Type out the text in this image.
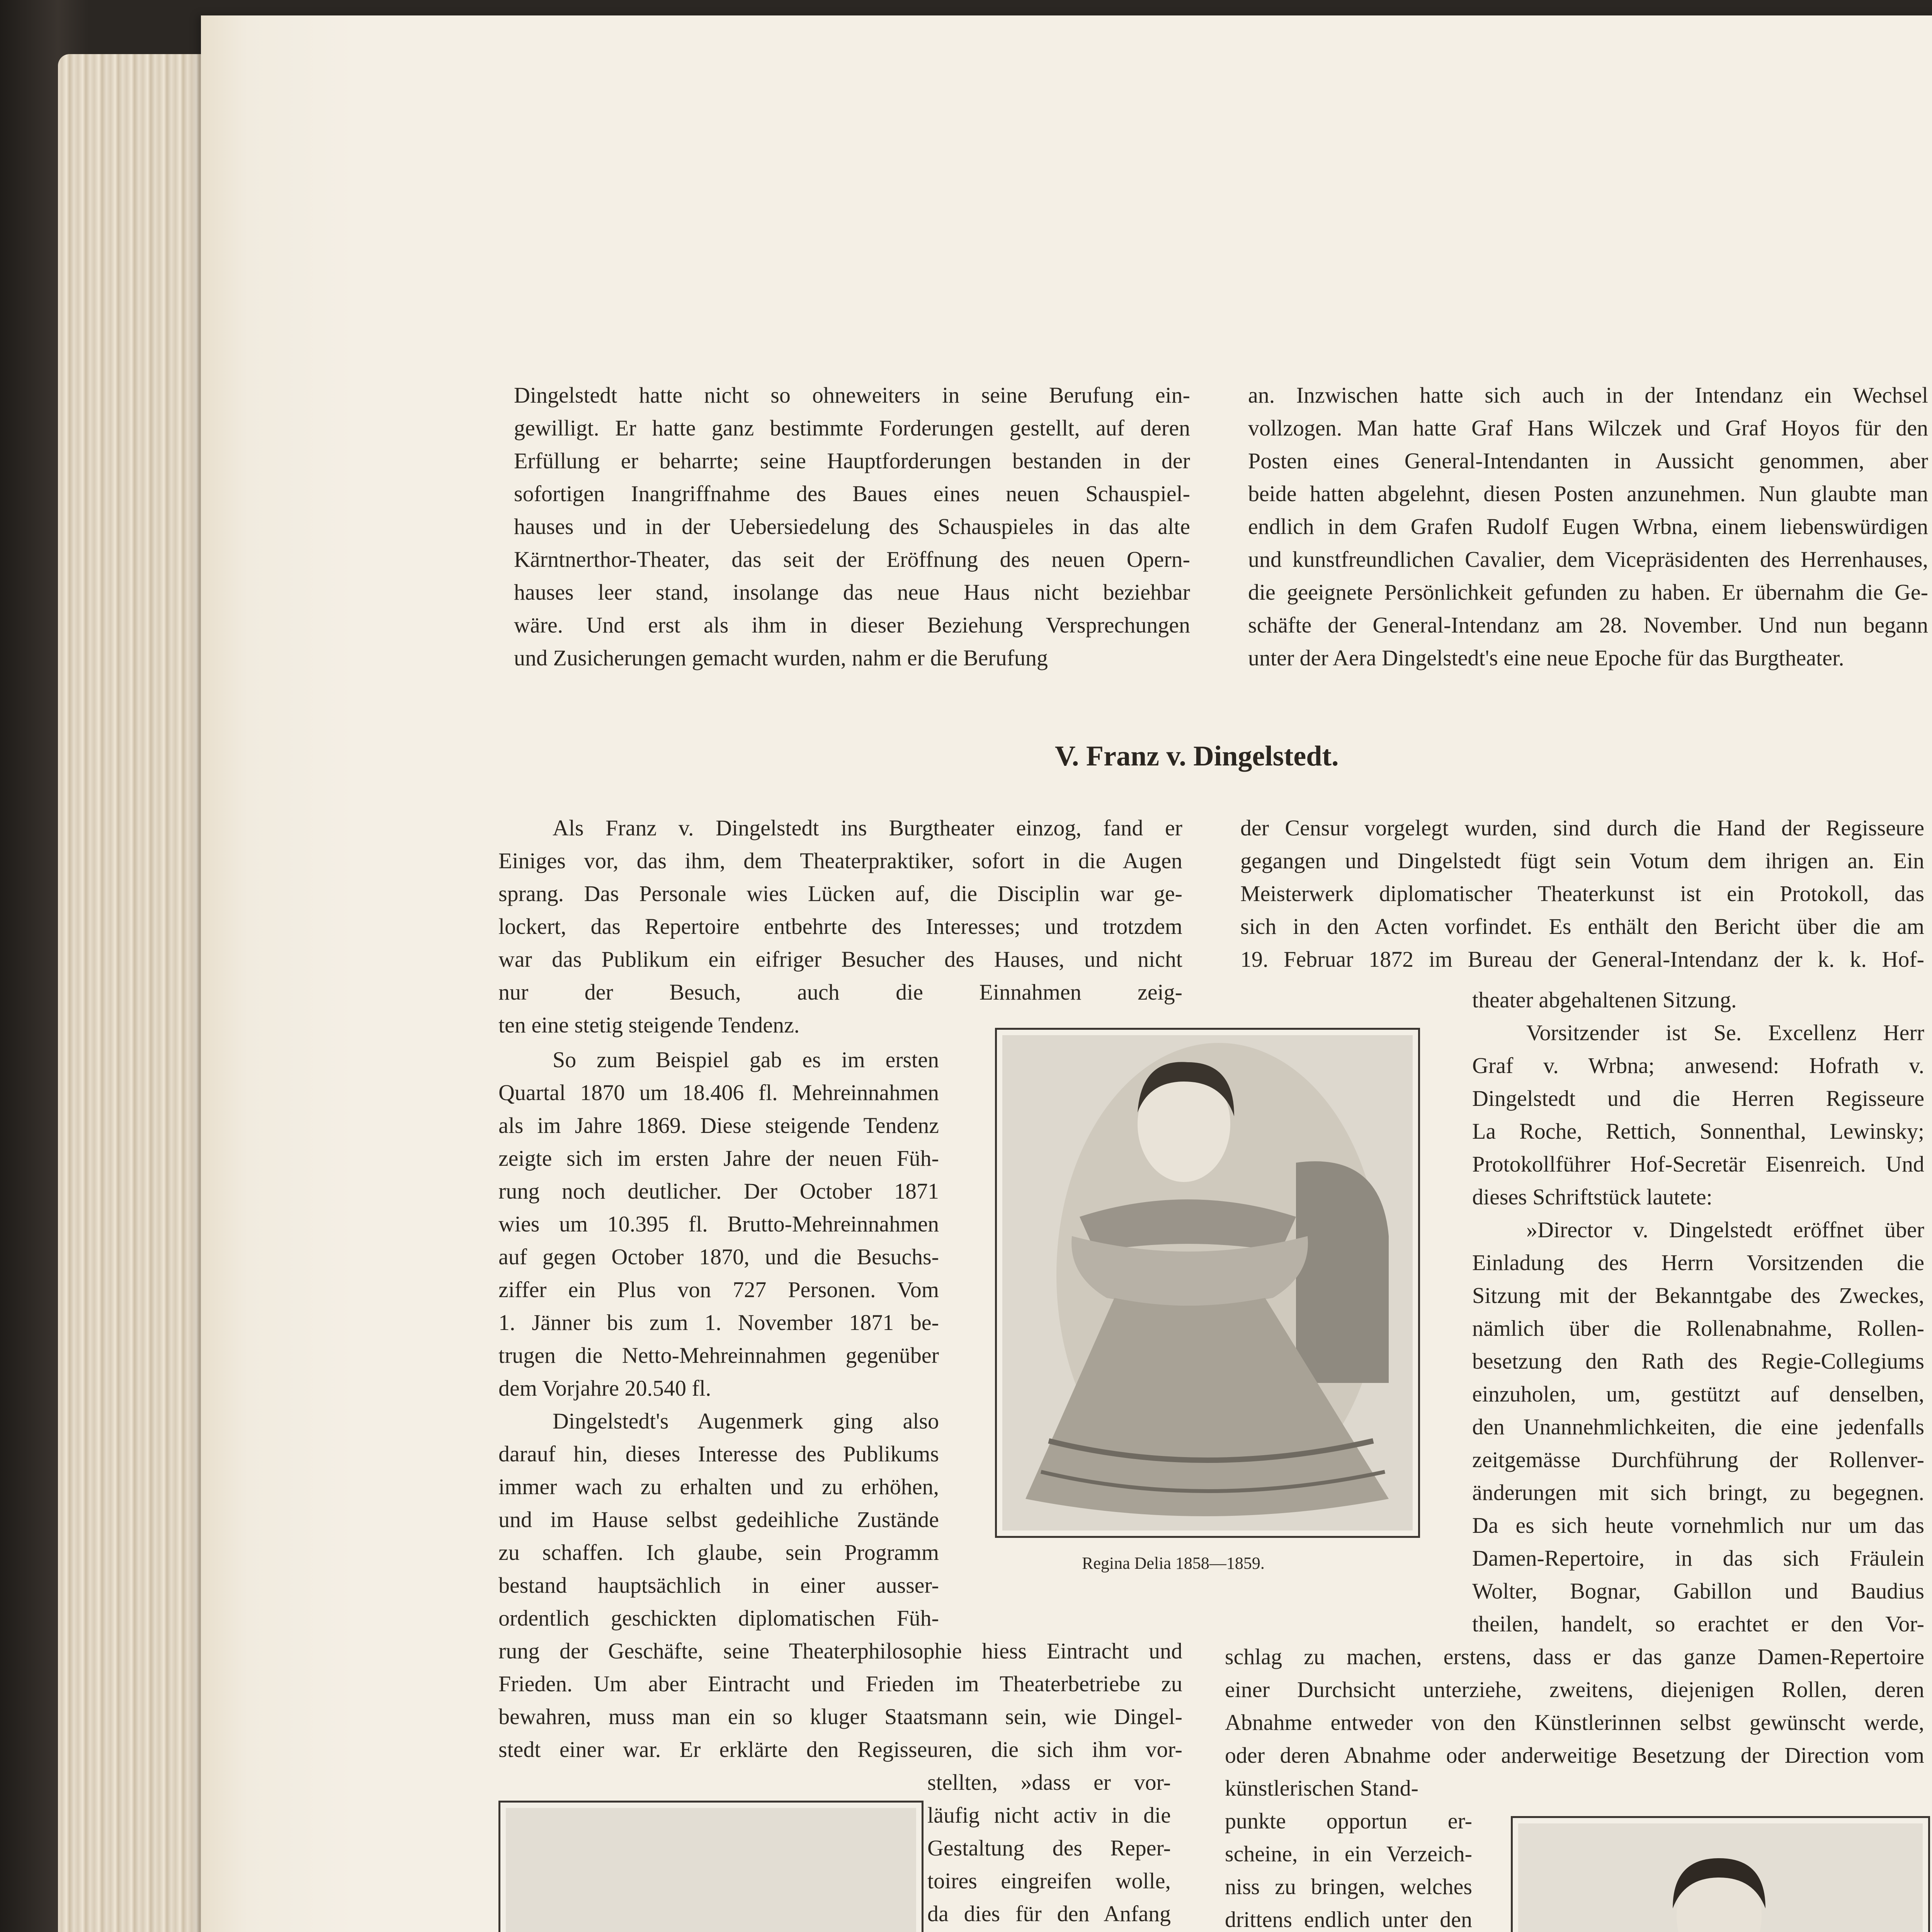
Dingelstedt hatte nicht so ohneweiters in seine Berufung ein-
gewilligt. Er hatte ganz bestimmte Forderungen gestellt, auf deren
Erfüllung er beharrte; seine Hauptforderungen bestanden in der
sofortigen Inangriffnahme des Baues eines neuen Schauspiel-
hauses und in der Uebersiedelung des Schauspieles in das alte
Kärntnerthor-Theater, das seit der Eröffnung des neuen Opern-
hauses leer stand, insolange das neue Haus nicht beziehbar
wäre. Und erst als ihm in dieser Beziehung Versprechungen
und Zusicherungen gemacht wurden, nahm er die Berufung
an. Inzwischen hatte sich auch in der Intendanz ein Wechsel
vollzogen. Man hatte Graf Hans Wilczek und Graf Hoyos für den
Posten eines General-Intendanten in Aussicht genommen, aber
beide hatten abgelehnt, diesen Posten anzunehmen. Nun glaubte man
endlich in dem Grafen Rudolf Eugen Wrbna, einem liebenswürdigen
und kunstfreundlichen Cavalier, dem Vicepräsidenten des Herrenhauses,
die geeignete Persönlichkeit gefunden zu haben. Er übernahm die Ge-
schäfte der General-Intendanz am 28. November. Und nun begann
unter der Aera Dingelstedt's eine neue Epoche für das Burgtheater.
V. Franz v. Dingelstedt.
Als Franz v. Dingelstedt ins Burgtheater einzog, fand er
Einiges vor, das ihm, dem Theaterpraktiker, sofort in die Augen
sprang. Das Personale wies Lücken auf, die Disciplin war ge-
lockert, das Repertoire entbehrte des Interesses; und trotzdem
war das Publikum ein eifriger Besucher des Hauses, und nicht
nur der Besuch, auch die Einnahmen zeig-
ten eine stetig steigende Tendenz.
So zum Beispiel gab es im ersten
Quartal 1870 um 18.406 fl. Mehreinnahmen
als im Jahre 1869. Diese steigende Tendenz
zeigte sich im ersten Jahre der neuen Füh-
rung noch deutlicher. Der October 1871
wies um 10.395 fl. Brutto-Mehreinnahmen
auf gegen October 1870, und die Besuchs-
ziffer ein Plus von 727 Personen. Vom
1. Jänner bis zum 1. November 1871 be-
trugen die Netto-Mehreinnahmen gegenüber
dem Vorjahre 20.540 fl.
Dingelstedt's Augenmerk ging also
darauf hin, dieses Interesse des Publikums
immer wach zu erhalten und zu erhöhen,
und im Hause selbst gedeihliche Zustände
zu schaffen. Ich glaube, sein Programm
bestand hauptsächlich in einer ausser-
ordentlich geschickten diplomatischen Füh-
rung der Geschäfte, seine Theaterphilosophie hiess Eintracht und
Frieden. Um aber Eintracht und Frieden im Theaterbetriebe zu
bewahren, muss man ein so kluger Staatsmann sein, wie Dingel-
stedt einer war. Er erklärte den Regisseuren, die sich ihm vor-
stellten, »dass er vor-
läufig nicht activ in die
Gestaltung des Reper-
toires eingreifen wolle,
da dies für den Anfang
der Censur vorgelegt wurden, sind durch die Hand der Regisseure
gegangen und Dingelstedt fügt sein Votum dem ihrigen an. Ein
Meisterwerk diplomatischer Theaterkunst ist ein Protokoll, das
sich in den Acten vorfindet. Es enthält den Bericht über die am
19. Februar 1872 im Bureau der General-Intendanz der k. k. Hof-
theater abgehaltenen Sitzung.
Vorsitzender ist Se. Excellenz Herr
Graf v. Wrbna; anwesend: Hofrath v.
Dingelstedt und die Herren Regisseure
La Roche, Rettich, Sonnenthal, Lewinsky;
Protokollführer Hof-Secretär Eisenreich. Und
dieses Schriftstück lautete:
»Director v. Dingelstedt eröffnet über
Einladung des Herrn Vorsitzenden die
Sitzung mit der Bekanntgabe des Zweckes,
nämlich über die Rollenabnahme, Rollen-
besetzung den Rath des Regie-Collegiums
einzuholen, um, gestützt auf denselben,
den Unannehmlichkeiten, die eine jedenfalls
zeitgemässe Durchführung der Rollenver-
änderungen mit sich bringt, zu begegnen.
Da es sich heute vornehmlich nur um das
Damen-Repertoire, in das sich Fräulein
Wolter, Bognar, Gabillon und Baudius
theilen, handelt, so erachtet er den Vor-
schlag zu machen, erstens, dass er das ganze Damen-Repertoire
einer Durchsicht unterziehe, zweitens, diejenigen Rollen, deren
Abnahme entweder von den Künstlerinnen selbst gewünscht werde,
oder deren Abnahme oder anderweitige Besetzung der Direction vom
künstlerischen Stand-
punkte opportun er-
scheine, in ein Verzeich-
niss zu bringen, welches
drittens endlich unter den
Regina Delia 1858—1859.
